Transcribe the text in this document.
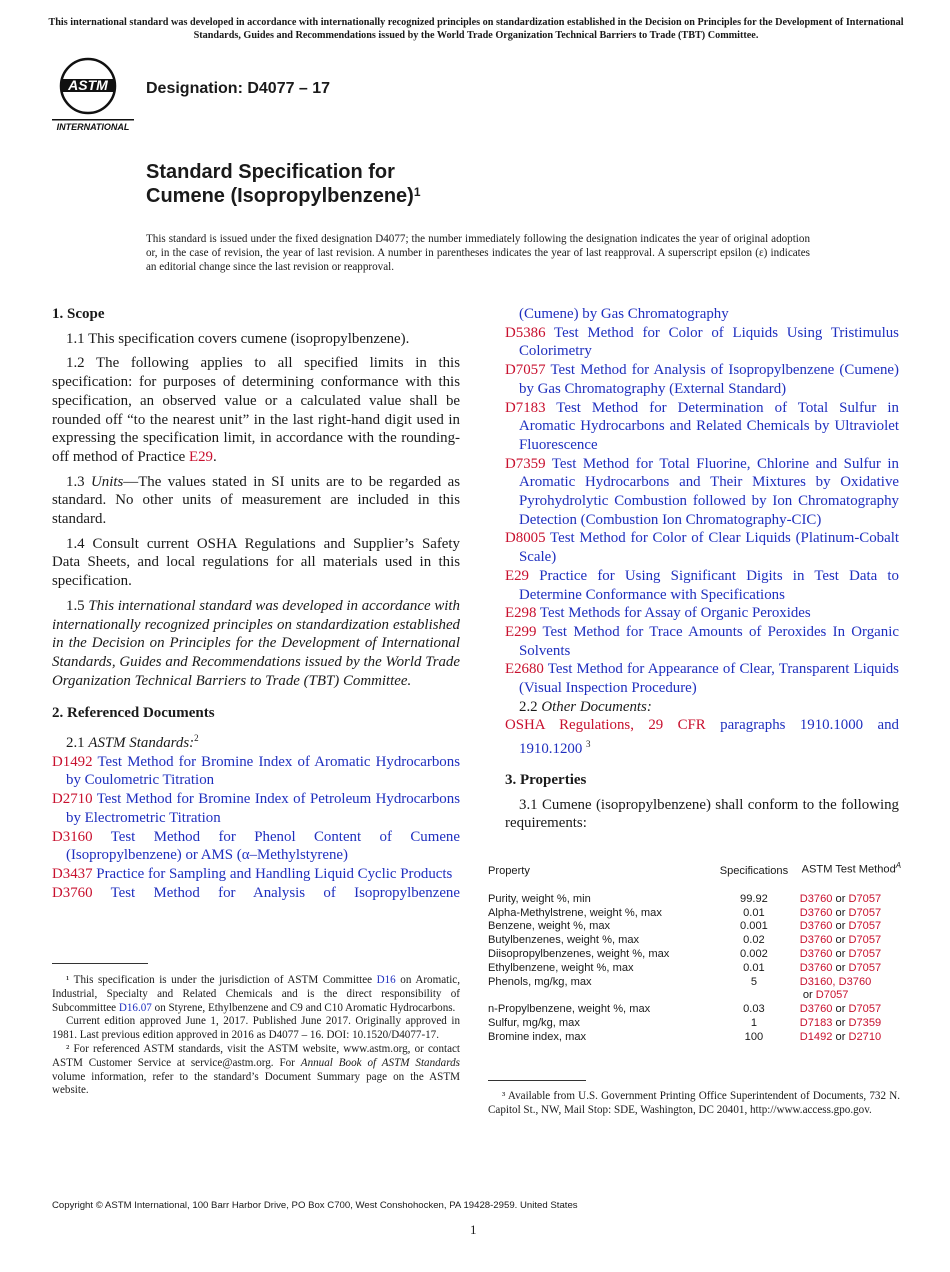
This international standard was developed in accordance with internationally recognized principles on standardization established in the Decision on Principles for the Development of International Standards, Guides and Recommendations issued by the World Trade Organization Technical Barriers to Trade (TBT) Committee.
ASTM
INTERNATIONAL
Designation: D4077 – 17
Standard Specification for
Cumene (Isopropylbenzene)$^1$
This standard is issued under the fixed designation D4077; the number immediately following the designation indicates the year of original adoption or, in the case of revision, the year of last revision. A number in parentheses indicates the year of last reapproval. A superscript epsilon (ε) indicates an editorial change since the last revision or reapproval.

1. Scope

1.1 This specification covers cumene (isopropylbenzene).

1.2 The following applies to all specified limits in this specification: for purposes of determining conformance with this specification, an observed value or a calculated value shall be rounded off “to the nearest unit” in the last right-hand digit used in expressing the specification limit, in accordance with the rounding-off method of Practice E29.

1.3 Units—The values stated in SI units are to be regarded as standard. No other units of measurement are included in this standard.

1.4 Consult current OSHA Regulations and Supplier’s Safety Data Sheets, and local regulations for all materials used in this specification.

1.5 This international standard was developed in accordance with internationally recognized principles on standardization established in the Decision on Principles for the Development of International Standards, Guides and Recommendations issued by the World Trade Organization Technical Barriers to Trade (TBT) Committee.

2. Referenced Documents

2.1 ASTM Standards:$^2$

D1492 Test Method for Bromine Index of Aromatic Hydrocarbons by Coulometric Titration

D2710 Test Method for Bromine Index of Petroleum Hydrocarbons by Electrometric Titration

D3160 Test Method for Phenol Content of Cumene (Isopropylbenzene) or AMS (α–Methylstyrene)

D3437 Practice for Sampling and Handling Liquid Cyclic Products

D3760 Test Method for Analysis of Isopropylbenzene

¹ This specification is under the jurisdiction of ASTM Committee D16 on Aromatic, Industrial, Specialty and Related Chemicals and is the direct responsibility of Subcommittee D16.07 on Styrene, Ethylbenzene and C9 and C10 Aromatic Hydrocarbons.

Current edition approved June 1, 2017. Published June 2017. Originally approved in 1981. Last previous edition approved in 2016 as D4077 – 16. DOI: 10.1520/D4077-17.

² For referenced ASTM standards, visit the ASTM website, www.astm.org, or contact ASTM Customer Service at service@astm.org. For Annual Book of ASTM Standards volume information, refer to the standard’s Document Summary page on the ASTM website.

(Cumene) by Gas Chromatography

D5386 Test Method for Color of Liquids Using Tristimulus Colorimetry

D7057 Test Method for Analysis of Isopropylbenzene (Cumene) by Gas Chromatography (External Standard)

D7183 Test Method for Determination of Total Sulfur in Aromatic Hydrocarbons and Related Chemicals by Ultraviolet Fluorescence

D7359 Test Method for Total Fluorine, Chlorine and Sulfur in Aromatic Hydrocarbons and Their Mixtures by Oxidative Pyrohydrolytic Combustion followed by Ion Chromatography Detection (Combustion Ion Chromatography-CIC)

D8005 Test Method for Color of Clear Liquids (Platinum-Cobalt Scale)

E29 Practice for Using Significant Digits in Test Data to Determine Conformance with Specifications

E298 Test Methods for Assay of Organic Peroxides

E299 Test Method for Trace Amounts of Peroxides In Organic Solvents

E2680 Test Method for Appearance of Clear, Transparent Liquids (Visual Inspection Procedure)

2.2 Other Documents:

OSHA Regulations, 29 CFR paragraphs 1910.1000 and 1910.1200 $^3$

3. Properties

3.1 Cumene (isopropylbenzene) shall conform to the following requirements:

Property	Specifications	ASTM Test Method$^A$

Purity, weight %, min	99.92	D3760 or D7057
Alpha-Methylstrene, weight %, max	0.01	D3760 or D7057
Benzene, weight %, max	0.001	D3760 or D7057
Butylbenzenes, weight %, max	0.02	D3760 or D7057
Diisopropylbenzenes, weight %, max	0.002	D3760 or D7057
Ethylbenzene, weight %, max	0.01	D3760 or D7057
Phenols, mg/kg, max	5	D3160, D3760 or D7057
n-Propylbenzene, weight %, max	0.03	D3760 or D7057
Sulfur, mg/kg, max	1	D7183 or D7359
Bromine index, max	100	D1492 or D2710
³ Available from U.S. Government Printing Office Superintendent of Documents, 732 N. Capitol St., NW, Mail Stop: SDE, Washington, DC 20401, http://www.access.gpo.gov.
Copyright © ASTM International, 100 Barr Harbor Drive, PO Box C700, West Conshohocken, PA 19428-2959. United States
1
